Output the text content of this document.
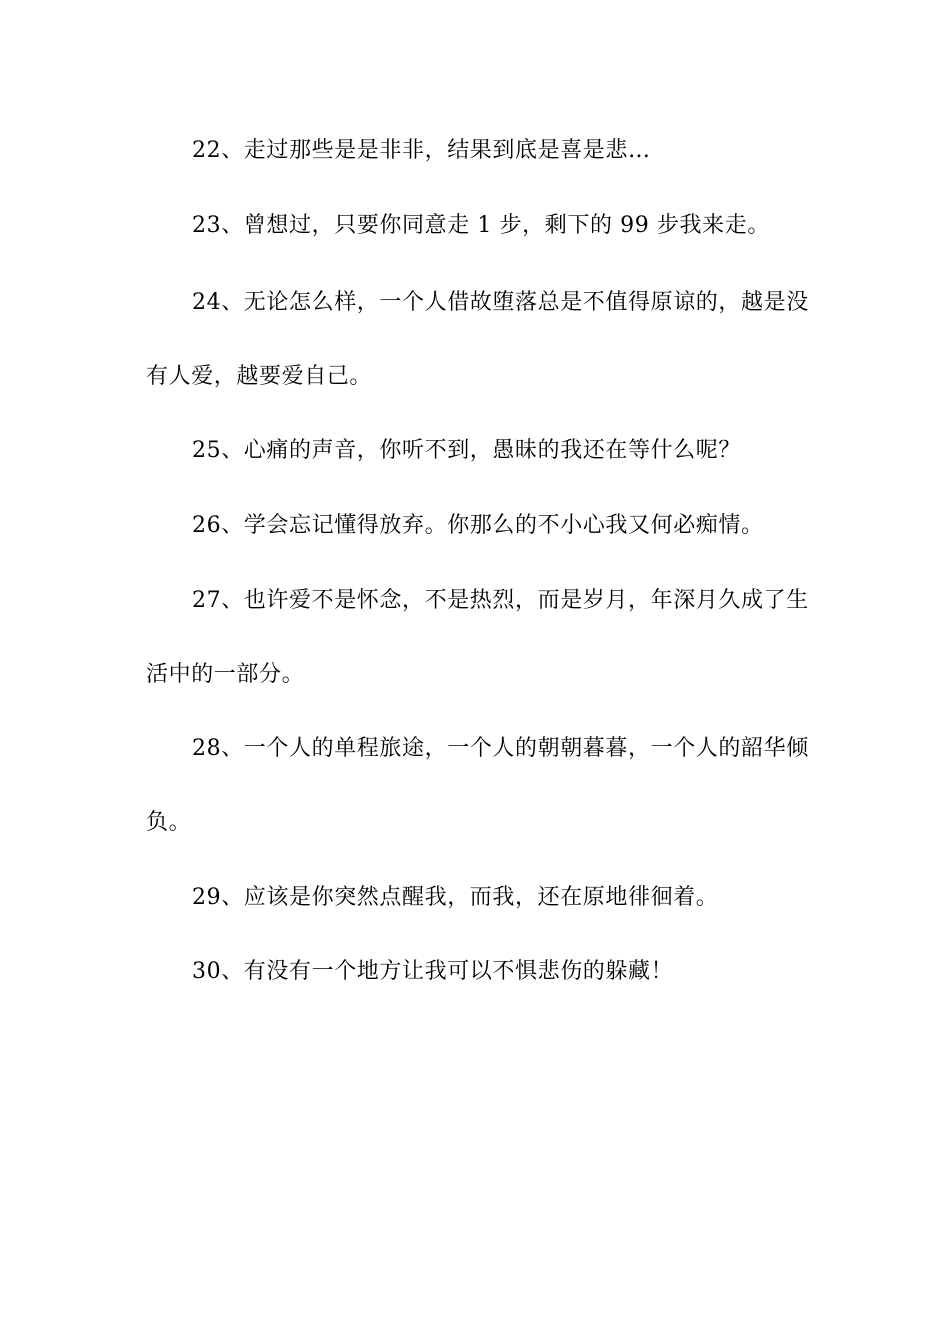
22、走过那些是是非非，结果到底是喜是悲…

23、曾想过，只要你同意走 1 步，剩下的 99 步我来走。

24、无论怎么样，一个人借故堕落总是不值得原谅的，越是没有人爱，越要爱自己。

25、心痛的声音，你听不到，愚昧的我还在等什么呢？

26、学会忘记懂得放弃。你那么的不小心我又何必痴情。

27、也许爱不是怀念，不是热烈，而是岁月，年深月久成了生活中的一部分。

28、一个人的单程旅途，一个人的朝朝暮暮，一个人的韶华倾负。

29、应该是你突然点醒我，而我，还在原地徘徊着。

30、有没有一个地方让我可以不惧悲伤的躲藏！
